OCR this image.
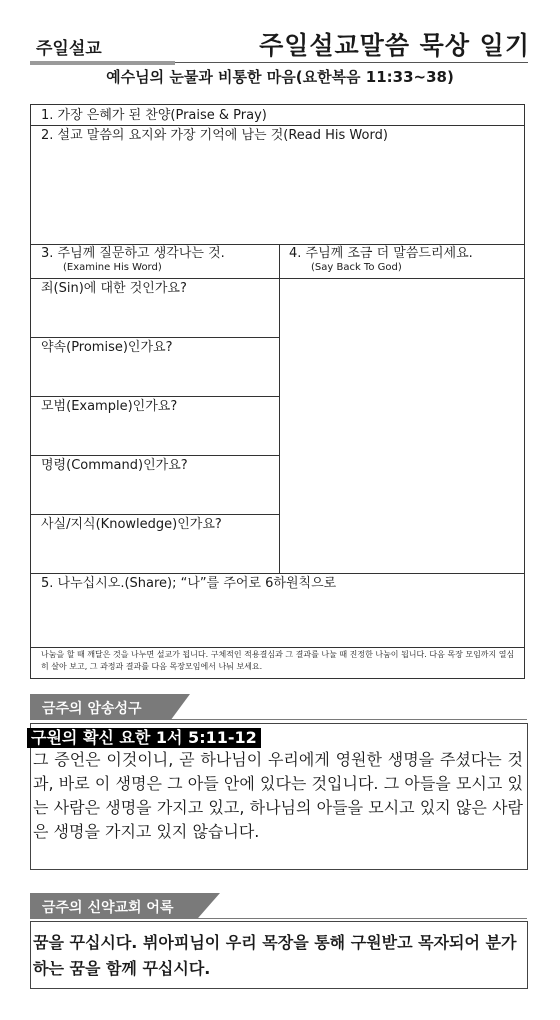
주일설교	주일설교말씀 묵상 일기
예수님의 눈물과 비통한 마음(요한복음 11:33~38)
1. 가장 은혜가 된 찬양(Praise & Pray)
2. 설교 말씀의 요지와 가장 기억에 남는 것(Read His Word)
3. 주님께 질문하고 생각나는 것.
(Examine His Word)
4. 주님께 조금 더 말씀드리세요.
(Say Back To God)
죄(Sin)에 대한 것인가요?
약속(Promise)인가요?
모범(Example)인가요?
명령(Command)인가요?
사실/지식(Knowledge)인가요?
5. 나누십시오.(Share); “나”를 주어로 6하원칙으로
나눔을 할 때 깨달은 것을 나누면 설교가 됩니다. 구체적인 적용결심과 그 결과를 나눌 때 진정한 나눔이 됩니다. 다음 목장 모임까지 열심히 살아 보고, 그 과정과 결과를 다음 목장모임에서 나눠 보세요.
금주의 암송성구
구원의 확신 요한 1서 5:11-12
그 증언은 이것이니, 곧 하나님이 우리에게 영원한 생명을 주셨다는 것과, 바로 이 생명은 그 아들 안에 있다는 것입니다. 그 아들을 모시고 있는 사람은 생명을 가지고 있고, 하나님의 아들을 모시고 있지 않은 사람은 생명을 가지고 있지 않습니다.
금주의 신약교회 어록
꿈을 꾸십시다. 뷔아피님이 우리 목장을 통해 구원받고 목자되어 분가하는 꿈을 함께 꾸십시다.
